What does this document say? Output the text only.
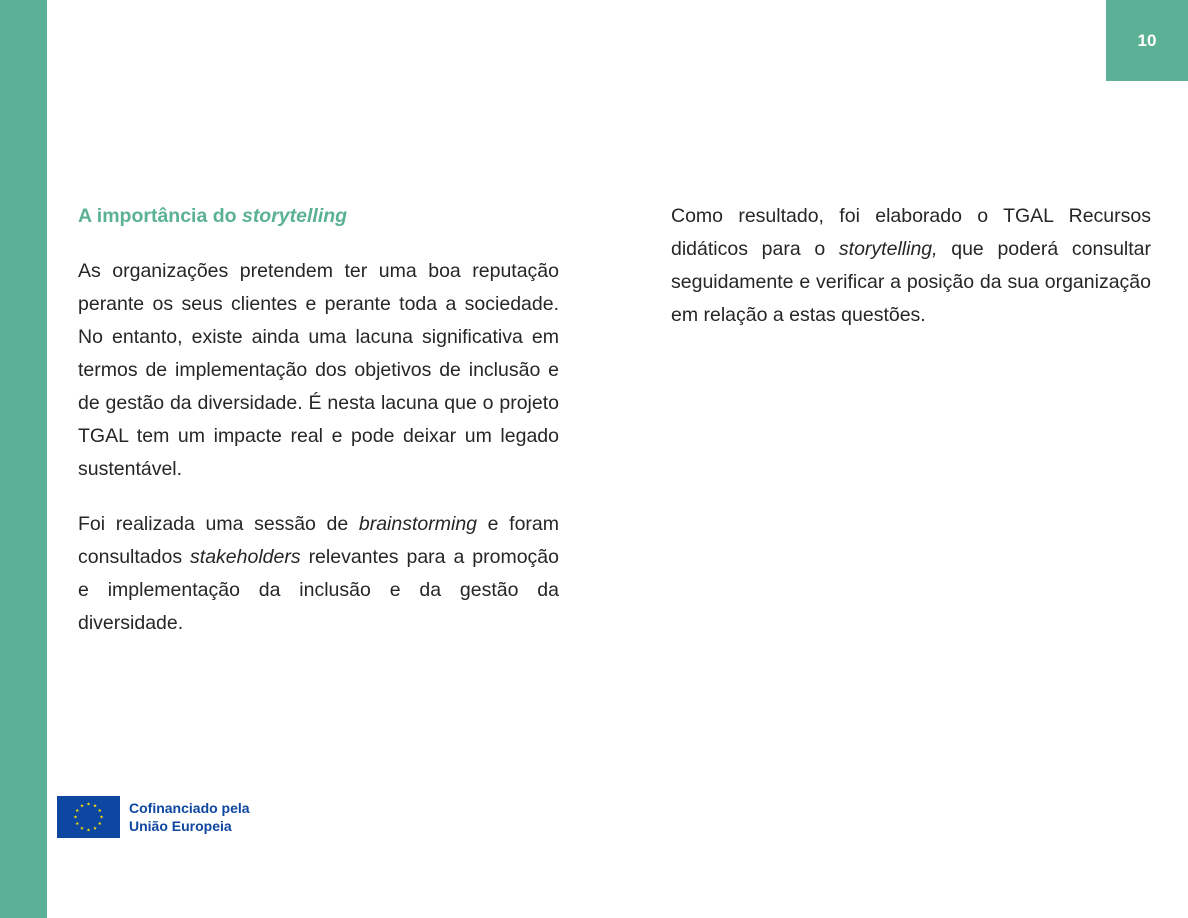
10
A importância do storytelling

As organizações pretendem ter uma boa reputação perante os seus clientes e perante toda a sociedade. No entanto, existe ainda uma lacuna significativa em termos de implementação dos objetivos de inclusão e de gestão da diversidade. É nesta lacuna que o projeto TGAL tem um impacte real e pode deixar um legado sustentável.

Foi realizada uma sessão de brainstorming e foram consultados stakeholders relevantes para a promoção e implementação da inclusão e da gestão da diversidade.

Como resultado, foi elaborado o TGAL Recursos didáticos para o storytelling, que poderá consultar seguidamente e verificar a posição da sua organização em relação a estas questões.

Cofinanciado pela
União Europeia
